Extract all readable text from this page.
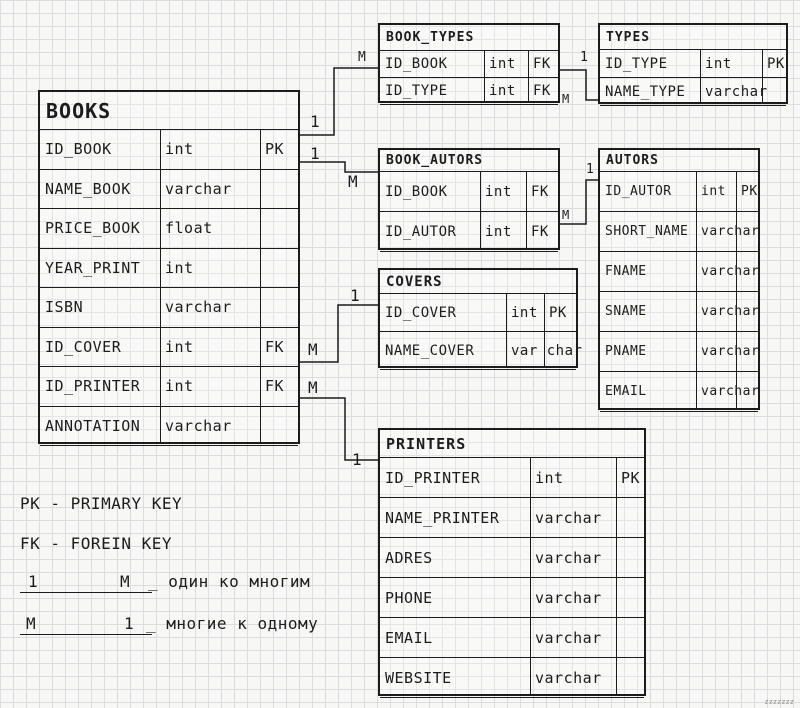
BOOKS
ID_BOOK	int	PK
NAME_BOOK	varchar
PRICE_BOOK	float
YEAR_PRINT	int
ISBN	varchar
ID_COVER	int	FK
ID_PRINTER	int	FK
ANNOTATION	varchar
BOOK_TYPES
ID_BOOK	int	FK
ID_TYPE	int	FK
TYPES
ID_TYPE	int	PK
NAME_TYPE	varchar
BOOK_AUTORS
ID_BOOK	int	FK
ID_AUTOR	int	FK
AUTORS
ID_AUTOR	int	PK
SHORT_NAME varchar
FNAME	varchar
SNAME	varchar
PNAME	varchar
EMAIL	varchar
COVERS
ID_COVER	int PK
NAME_COVER	var char
PRINTERS
ID_PRINTER	int	PK
NAME_PRINTER	varchar
ADRES	varchar
PHONE	varchar
EMAIL	varchar
WEBSITE	varchar
1
M
1
M
M
1
M
1
M
1
M
1
PK - PRIMARY KEY
FK - FOREIN KEY
1	M _ один ко многим
M	1 _ многие к одному
zzzzzzz
